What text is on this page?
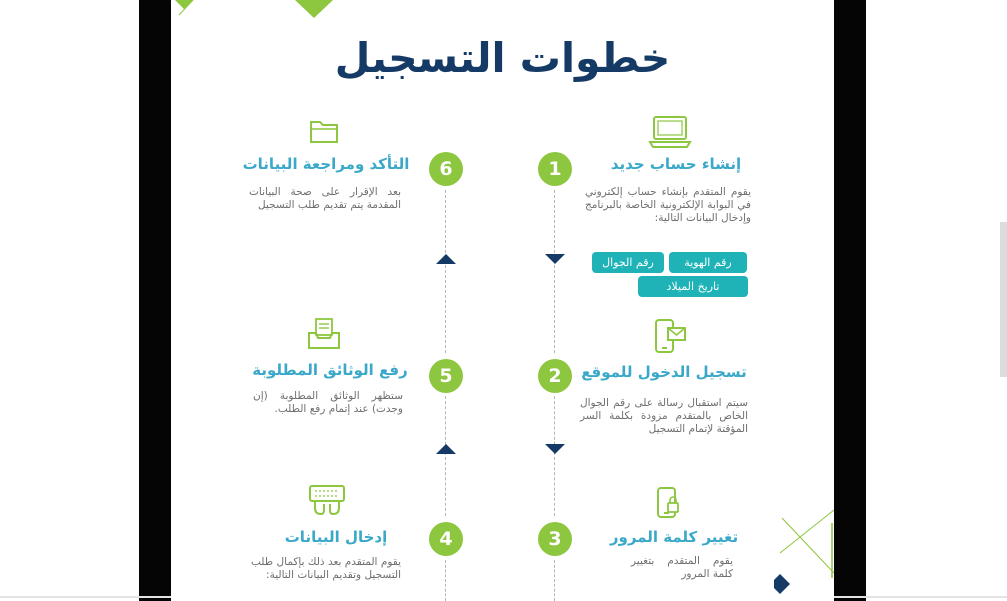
خطوات التسجيل
إنشاء حساب جديد
تسجيل الدخول للموقع
تغيير كلمة المرور
التأكد ومراجعة البيانات
رفع الوثائق المطلوبة
إدخال البيانات
1
2
3
6
5
4
يقوم المتقدم بإنشاء حساب إلكتروني في البوابة الإلكترونية الخاصة بالبرنامج وإدخال البيانات التالية:
سيتم استقبال رسالة على رقم الجوال الخاص بالمتقدم مزودة بكلمة السر المؤقتة لإتمام التسجيل
يقوم المتقدم بتغيير كلمة المرور
بعد الإقرار على صحة البيانات المقدمة يتم تقديم طلب التسجيل
ستظهر الوثائق المطلوبة (إن وجدت) عند إتمام رفع الطلب.
يقوم المتقدم بعد ذلك بإكمال طلب التسجيل وتقديم البيانات التالية:
رقم الهوية
رقم الجوال
تاريخ الميلاد
